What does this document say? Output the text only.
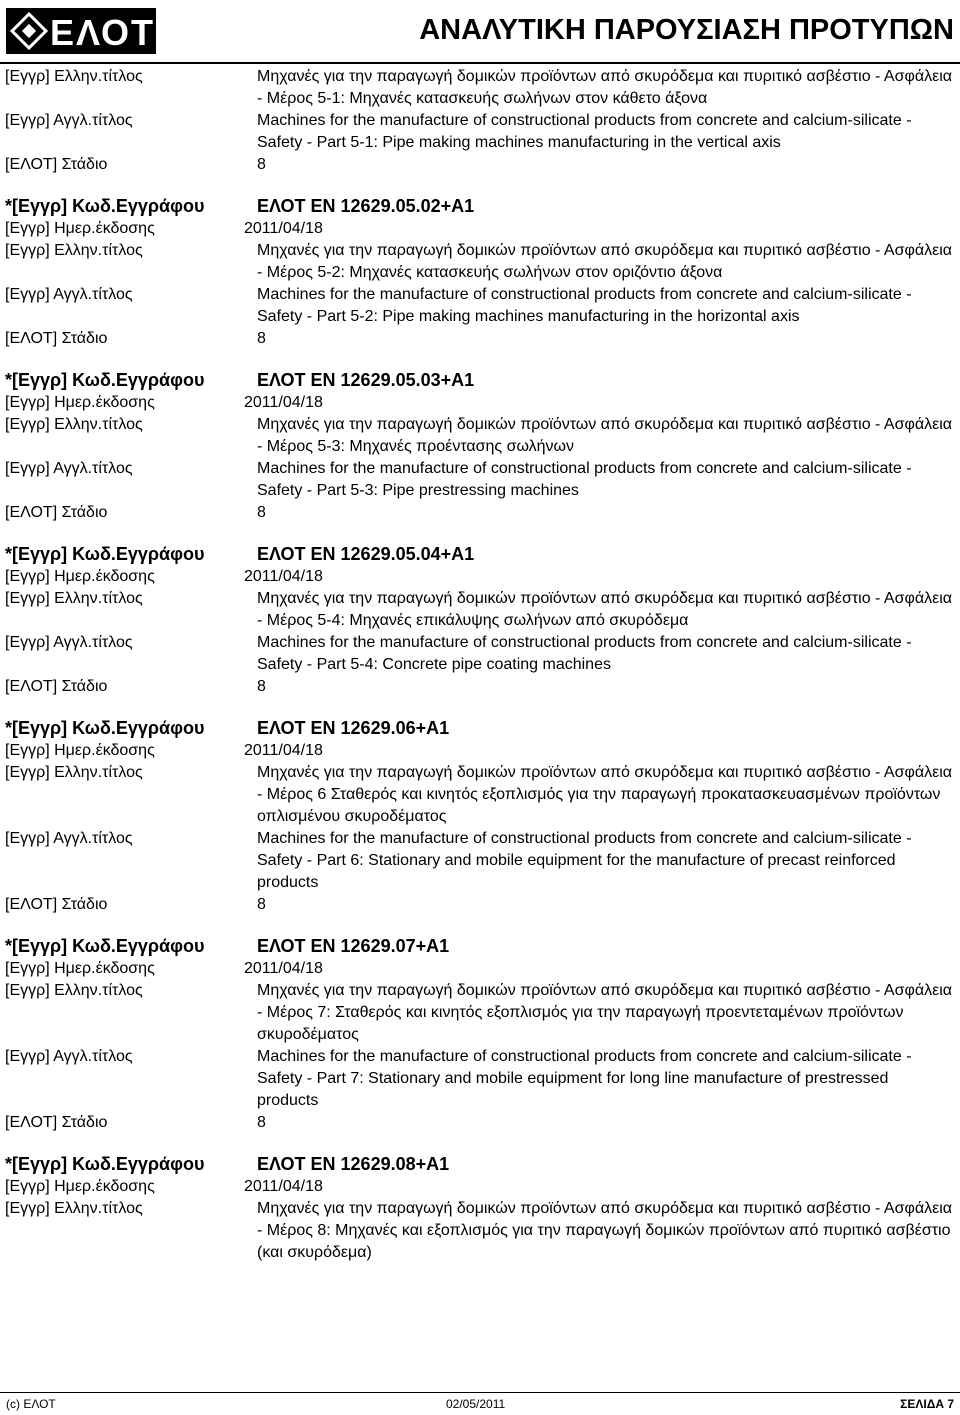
ΕΛΟΤ	ΑΝΑΛΥΤΙΚΗ ΠΑΡΟΥΣΙΑΣΗ ΠΡΟΤΥΠΩΝ
[Εγγρ] Ελλην.τίτλος	Μηχανές για την παραγωγή δομικών προϊόντων από σκυρόδεμα και πυριτικό ασβέστιο - Ασφάλεια - Μέρος 5-1: Μηχανές κατασκευής σωλήνων στον κάθετο άξονα
[Εγγρ] Αγγλ.τίτλος	Machines for the manufacture of constructional products from concrete and calcium-silicate - Safety - Part 5-1: Pipe making machines manufacturing in the vertical axis
[ΕΛΟΤ] Στάδιο	8
*[Εγγρ] Κωδ.Εγγράφου	ΕΛΟΤ EN 12629.05.02+A1
[Εγγρ] Ημερ.έκδοσης	2011/04/18
[Εγγρ] Ελλην.τίτλος	Μηχανές για την παραγωγή δομικών προϊόντων από σκυρόδεμα και πυριτικό ασβέστιο - Ασφάλεια - Μέρος 5-2: Μηχανές κατασκευής σωλήνων στον οριζόντιο άξονα
[Εγγρ] Αγγλ.τίτλος	Machines for the manufacture of constructional products from concrete and calcium-silicate - Safety - Part 5-2: Pipe making machines manufacturing in the horizontal axis
[ΕΛΟΤ] Στάδιο	8
*[Εγγρ] Κωδ.Εγγράφου	ΕΛΟΤ EN 12629.05.03+A1
[Εγγρ] Ημερ.έκδοσης	2011/04/18
[Εγγρ] Ελλην.τίτλος	Μηχανές για την παραγωγή δομικών προϊόντων από σκυρόδεμα και πυριτικό ασβέστιο - Ασφάλεια - Μέρος 5-3: Μηχανές προέντασης σωλήνων
[Εγγρ] Αγγλ.τίτλος	Machines for the manufacture of constructional products from concrete and calcium-silicate - Safety - Part 5-3: Pipe prestressing machines
[ΕΛΟΤ] Στάδιο	8
*[Εγγρ] Κωδ.Εγγράφου	ΕΛΟΤ EN 12629.05.04+A1
[Εγγρ] Ημερ.έκδοσης	2011/04/18
[Εγγρ] Ελλην.τίτλος	Μηχανές για την παραγωγή δομικών προϊόντων από σκυρόδεμα και πυριτικό ασβέστιο - Ασφάλεια - Μέρος 5-4: Μηχανές επικάλυψης σωλήνων από σκυρόδεμα
[Εγγρ] Αγγλ.τίτλος	Machines for the manufacture of constructional products from concrete and calcium-silicate - Safety - Part 5-4: Concrete pipe coating machines
[ΕΛΟΤ] Στάδιο	8
*[Εγγρ] Κωδ.Εγγράφου	ΕΛΟΤ EN 12629.06+A1
[Εγγρ] Ημερ.έκδοσης	2011/04/18
[Εγγρ] Ελλην.τίτλος	Μηχανές για την παραγωγή δομικών προϊόντων από σκυρόδεμα και πυριτικό ασβέστιο - Ασφάλεια - Μέρος 6 Σταθερός και κινητός εξοπλισμός για την παραγωγή προκατασκευασμένων προϊόντων οπλισμένου σκυροδέματος
[Εγγρ] Αγγλ.τίτλος	Machines for the manufacture of constructional products from concrete and calcium-silicate - Safety - Part 6: Stationary and mobile equipment for the manufacture of precast reinforced products
[ΕΛΟΤ] Στάδιο	8
*[Εγγρ] Κωδ.Εγγράφου	ΕΛΟΤ EN 12629.07+A1
[Εγγρ] Ημερ.έκδοσης	2011/04/18
[Εγγρ] Ελλην.τίτλος	Μηχανές για την παραγωγή δομικών προϊόντων από σκυρόδεμα και πυριτικό ασβέστιο - Ασφάλεια - Μέρος 7: Σταθερός και κινητός εξοπλισμός για την παραγωγή προεντεταμένων προϊόντων σκυροδέματος
[Εγγρ] Αγγλ.τίτλος	Machines for the manufacture of constructional products from concrete and calcium-silicate - Safety - Part 7: Stationary and mobile equipment for long line manufacture of prestressed products
[ΕΛΟΤ] Στάδιο	8
*[Εγγρ] Κωδ.Εγγράφου	ΕΛΟΤ EN 12629.08+A1
[Εγγρ] Ημερ.έκδοσης	2011/04/18
[Εγγρ] Ελλην.τίτλος	Μηχανές για την παραγωγή δομικών προϊόντων από σκυρόδεμα και πυριτικό ασβέστιο - Ασφάλεια - Μέρος 8: Μηχανές και εξοπλισμός για την παραγωγή δομικών προϊόντων από πυριτικό ασβέστιο (και σκυρόδεμα)
(c) ΕΛΟΤ	02/05/2011	ΣΕΛΙΔΑ 7
